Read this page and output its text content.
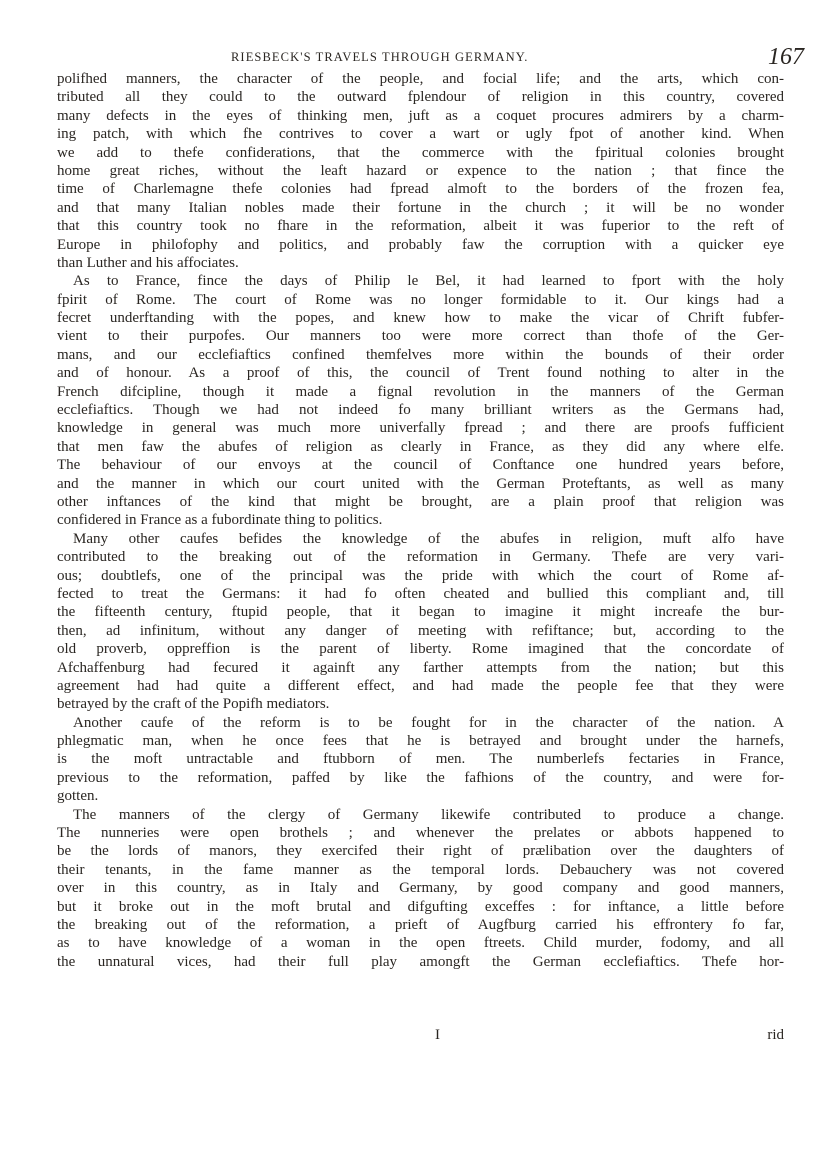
RIESBECK'S TRAVELS THROUGH GERMANY.	167
polifhed manners, the character of the people, and focial life; and the arts, which con-
tributed all they could to the outward fplendour of religion in this country, covered
many defects in the eyes of thinking men, juft as a coquet procures admirers by a charm-
ing patch, with which fhe contrives to cover a wart or ugly fpot of another kind. When
we add to thefe confiderations, that the commerce with the fpiritual colonies brought
home great riches, without the leaft hazard or expence to the nation ; that fince the
time of Charlemagne thefe colonies had fpread almoft to the borders of the frozen fea,
and that many Italian nobles made their fortune in the church ; it will be no wonder
that this country took no fhare in the reformation, albeit it was fuperior to the reft of
Europe in philofophy and politics, and probably faw the corruption with a quicker eye
than Luther and his affociates.
As to France, fince the days of Philip le Bel, it had learned to fport with the holy
fpirit of Rome. The court of Rome was no longer formidable to it. Our kings had a
fecret underftanding with the popes, and knew how to make the vicar of Chrift fubfer-
vient to their purpofes. Our manners too were more correct than thofe of the Ger-
mans, and our ecclefiaftics confined themfelves more within the bounds of their order
and of honour. As a proof of this, the council of Trent found nothing to alter in the
French difcipline, though it made a fignal revolution in the manners of the German
ecclefiaftics. Though we had not indeed fo many brilliant writers as the Germans had,
knowledge in general was much more univerfally fpread ; and there are proofs fufficient
that men faw the abufes of religion as clearly in France, as they did any where elfe.
The behaviour of our envoys at the council of Conftance one hundred years before,
and the manner in which our court united with the German Proteftants, as well as many
other inftances of the kind that might be brought, are a plain proof that religion was
confidered in France as a fubordinate thing to politics.
Many other caufes befides the knowledge of the abufes in religion, muft alfo have
contributed to the breaking out of the reformation in Germany. Thefe are very vari-
ous; doubtlefs, one of the principal was the pride with which the court of Rome af-
fected to treat the Germans: it had fo often cheated and bullied this compliant and, till
the fifteenth century, ftupid people, that it began to imagine it might increafe the bur-
then, ad infinitum, without any danger of meeting with refiftance; but, according to the
old proverb, oppreffion is the parent of liberty. Rome imagined that the concordate of
Afchaffenburg had fecured it againft any farther attempts from the nation; but this
agreement had had quite a different effect, and had made the people fee that they were
betrayed by the craft of the Popifh mediators.
Another caufe of the reform is to be fought for in the character of the nation. A
phlegmatic man, when he once fees that he is betrayed and brought under the harnefs,
is the moft untractable and ftubborn of men. The numberlefs fectaries in France,
previous to the reformation, paffed by like the fafhions of the country, and were for-
gotten.
The manners of the clergy of Germany likewife contributed to produce a change.
The nunneries were open brothels ; and whenever the prelates or abbots happened to
be the lords of manors, they exercifed their right of prælibation over the daughters of
their tenants, in the fame manner as the temporal lords. Debauchery was not covered
over in this country, as in Italy and Germany, by good company and good manners,
but it broke out in the moft brutal and difgufting exceffes : for inftance, a little before
the breaking out of the reformation, a prieft of Augfburg carried his effrontery fo far,
as to have knowledge of a woman in the open ftreets. Child murder, fodomy, and all
the unnatural vices, had their full play amongft the German ecclefiaftics. Thefe hor-
I	rid
